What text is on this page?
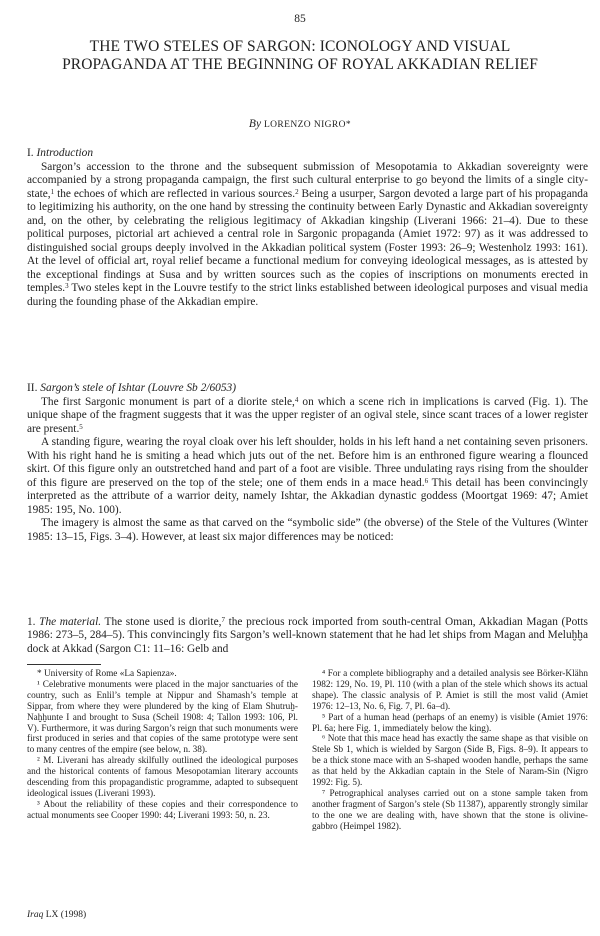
85
THE TWO STELES OF SARGON: ICONOLOGY AND VISUAL PROPAGANDA AT THE BEGINNING OF ROYAL AKKADIAN RELIEF
By LORENZO NIGRO*
I. Introduction

Sargon’s accession to the throne and the subsequent submission of Mesopotamia to Akkadian sovereignty were accompanied by a strong propaganda campaign, the first such cultural enterprise to go beyond the limits of a single city-state,$^1$ the echoes of which are reflected in various sources.$^2$ Being a usurper, Sargon devoted a large part of his propaganda to legitimizing his authority, on the one hand by stressing the continuity between Early Dynastic and Akkadian sovereignty and, on the other, by celebrating the religious legitimacy of Akkadian kingship (Liverani 1966: 21–4). Due to these political purposes, pictorial art achieved a central role in Sargonic propaganda (Amiet 1972: 97) as it was addressed to distinguished social groups deeply involved in the Akkadian political system (Foster 1993: 26–9; Westenholz 1993: 161). At the level of official art, royal relief became a functional medium for conveying ideological messages, as is attested by the exceptional findings at Susa and by written sources such as the copies of inscriptions on monuments erected in temples.$^3$ Two steles kept in the Louvre testify to the strict links established between ideological purposes and visual media during the founding phase of the Akkadian empire.

II. Sargon’s stele of Ishtar (Louvre Sb 2/6053)

The first Sargonic monument is part of a diorite stele,$^4$ on which a scene rich in implications is carved (Fig. 1). The unique shape of the fragment suggests that it was the upper register of an ogival stele, since scant traces of a lower register are present.$^5$

A standing figure, wearing the royal cloak over his left shoulder, holds in his left hand a net containing seven prisoners. With his right hand he is smiting a head which juts out of the net. Before him is an enthroned figure wearing a flounced skirt. Of this figure only an outstretched hand and part of a foot are visible. Three undulating rays rising from the shoulder of this figure are preserved on the top of the stele; one of them ends in a mace head.$^6$ This detail has been convincingly interpreted as the attribute of a warrior deity, namely Ishtar, the Akkadian dynastic goddess (Moortgat 1969: 47; Amiet 1985: 195, No. 100).

The imagery is almost the same as that carved on the “symbolic side” (the obverse) of the Stele of the Vultures (Winter 1985: 13–15, Figs. 3–4). However, at least six major differences may be noticed:

1. The material. The stone used is diorite,$^7$ the precious rock imported from south-central Oman, Akkadian Magan (Potts 1986: 273–5, 284–5). This convincingly fits Sargon’s well-known statement that he had let ships from Magan and Meluḫḫa dock at Akkad (Sargon C1: 11–16: Gelb and

* University of Rome «La Sapienza».

¹ Celebrative monuments were placed in the major sanctuaries of the country, such as Enlil’s temple at Nippur and Shamash’s temple at Sippar, from where they were plundered by the king of Elam Shutruḫ-Naḫḫunte I and brought to Susa (Scheil 1908: 4; Tallon 1993: 106, Pl. V). Furthermore, it was during Sargon’s reign that such monuments were first produced in series and that copies of the same prototype were sent to many centres of the empire (see below, n. 38).

² M. Liverani has already skilfully outlined the ideological purposes and the historical contents of famous Mesopotamian literary accounts descending from this propagandistic programme, adapted to subsequent ideological issues (Liverani 1993).

³ About the reliability of these copies and their correspondence to actual monuments see Cooper 1990: 44; Liverani 1993: 50, n. 23.

⁴ For a complete bibliography and a detailed analysis see Börker-Klähn 1982: 129, No. 19, Pl. 110 (with a plan of the stele which shows its actual shape). The classic analysis of P. Amiet is still the most valid (Amiet 1976: 12–13, No. 6, Fig. 7, Pl. 6a–d).

⁵ Part of a human head (perhaps of an enemy) is visible (Amiet 1976: Pl. 6a; here Fig. 1, immediately below the king).

⁶ Note that this mace head has exactly the same shape as that visible on Stele Sb 1, which is wielded by Sargon (Side B, Figs. 8–9). It appears to be a thick stone mace with an S-shaped wooden handle, perhaps the same as that held by the Akkadian captain in the Stele of Naram-Sin (Nigro 1992: Fig. 5).

⁷ Petrographical analyses carried out on a stone sample taken from another fragment of Sargon’s stele (Sb 11387), apparently strongly similar to the one we are dealing with, have shown that the stone is olivine-gabbro (Heimpel 1982).

Iraq LX (1998)
